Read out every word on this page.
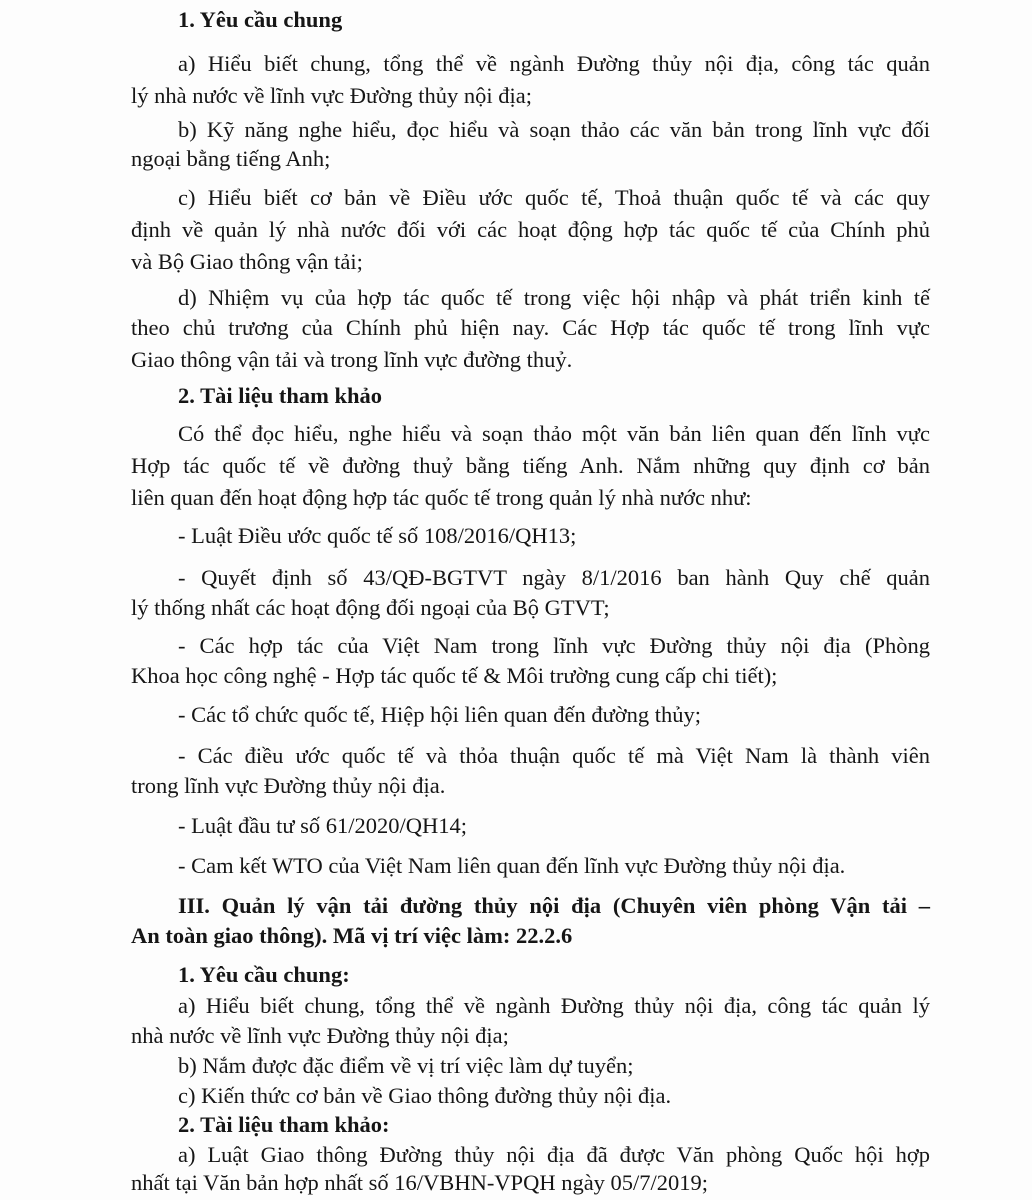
1. Yêu cầu chung
a) Hiểu biết chung, tổng thể về ngành Đường thủy nội địa, công tác quản
lý nhà nước về lĩnh vực Đường thủy nội địa;
b) Kỹ năng nghe hiểu, đọc hiểu và soạn thảo các văn bản trong lĩnh vực đối
ngoại bằng tiếng Anh;
c) Hiểu biết cơ bản về Điều ước quốc tế, Thoả thuận quốc tế và các quy
định về quản lý nhà nước đối với các hoạt động hợp tác quốc tế của Chính phủ
và Bộ Giao thông vận tải;
d) Nhiệm vụ của hợp tác quốc tế trong việc hội nhập và phát triển kinh tế
theo chủ trương của Chính phủ hiện nay. Các Hợp tác quốc tế trong lĩnh vực
Giao thông vận tải và trong lĩnh vực đường thuỷ.
2. Tài liệu tham khảo
Có thể đọc hiểu, nghe hiểu và soạn thảo một văn bản liên quan đến lĩnh vực
Hợp tác quốc tế về đường thuỷ bằng tiếng Anh. Nắm những quy định cơ bản
liên quan đến hoạt động hợp tác quốc tế trong quản lý nhà nước như:
- Luật Điều ước quốc tế số 108/2016/QH13;
- Quyết định số 43/QĐ-BGTVT ngày 8/1/2016 ban hành Quy chế quản
lý thống nhất các hoạt động đối ngoại của Bộ GTVT;
- Các hợp tác của Việt Nam trong lĩnh vực Đường thủy nội địa (Phòng
Khoa học công nghệ - Hợp tác quốc tế & Môi trường cung cấp chi tiết);
- Các tổ chức quốc tế, Hiệp hội liên quan đến đường thủy;
- Các điều ước quốc tế và thỏa thuận quốc tế mà Việt Nam là thành viên
trong lĩnh vực Đường thủy nội địa.
- Luật đầu tư số 61/2020/QH14;
- Cam kết WTO của Việt Nam liên quan đến lĩnh vực Đường thủy nội địa.
III. Quản lý vận tải đường thủy nội địa (Chuyên viên phòng Vận tải –
An toàn giao thông). Mã vị trí việc làm: 22.2.6
1. Yêu cầu chung:
a) Hiểu biết chung, tổng thể về ngành Đường thủy nội địa, công tác quản lý
nhà nước về lĩnh vực Đường thủy nội địa;
b) Nắm được đặc điểm về vị trí việc làm dự tuyển;
c) Kiến thức cơ bản về Giao thông đường thủy nội địa.
2. Tài liệu tham khảo:
a) Luật Giao thông Đường thủy nội địa đã được Văn phòng Quốc hội hợp
nhất tại Văn bản hợp nhất số 16/VBHN-VPQH ngày 05/7/2019;
